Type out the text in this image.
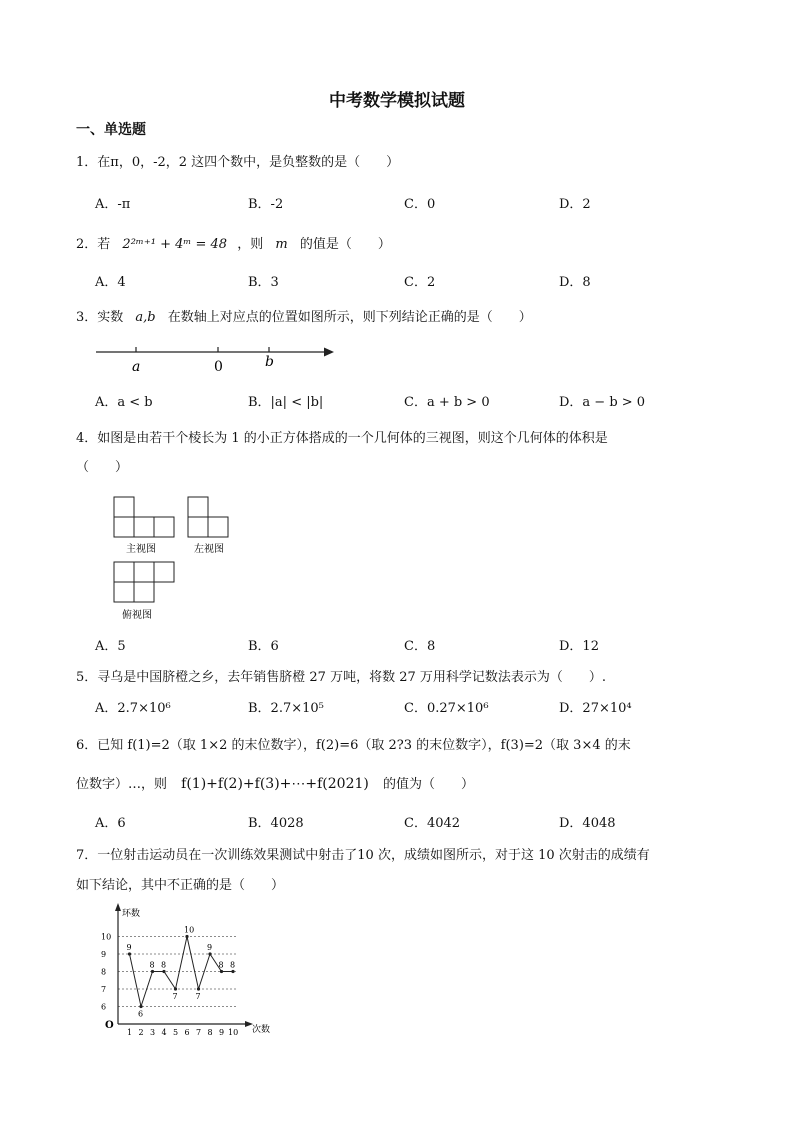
中考数学模拟试题
一、单选题
1．在π，0，-2，2 这四个数中，是负整数的是（　　）
A．-π	B．-2	C．0	D．2
2．若 2²ᵐ⁺¹ + 4ᵐ = 48 ，则 m 的值是（　　）
A．4	B．3	C．2	D．8
3．实数 a,b 在数轴上对应点的位置如图所示，则下列结论正确的是（　　）
a	0	b
A．a < b	B．|a| < |b|	C．a + b > 0	D．a − b > 0
4．如图是由若干个棱长为 1 的小正方体搭成的一个几何体的三视图，则这个几何体的体积是
（　　）
主视图	左视图
俯视图
A．5	B．6	C．8	D．12
5．寻乌是中国脐橙之乡，去年销售脐橙 27 万吨，将数 27 万用科学记数法表示为（　　）.
A．2.7×10⁶	B．2.7×10⁵	C．0.27×10⁶	D．27×10⁴
6．已知 f(1)=2（取 1×2 的末位数字），f(2)=6（取 2?3 的末位数字），f(3)=2（取 3×4 的末
位数字）…，则 f(1)+f(2)+f(3)+⋯+f(2021) 的值为（　　）
A．6	B．4028	C．4042	D．4048
7．一位射击运动员在一次训练效果测试中射击了10 次，成绩如图所示，对于这 10 次射击的成绩有
如下结论，其中不正确的是（　　）
环数
次数
O
6
7
8
9
10
1 2 3 4 5 6 7 8 9 10
9
6
8 8
7
10
7
9
8 8
